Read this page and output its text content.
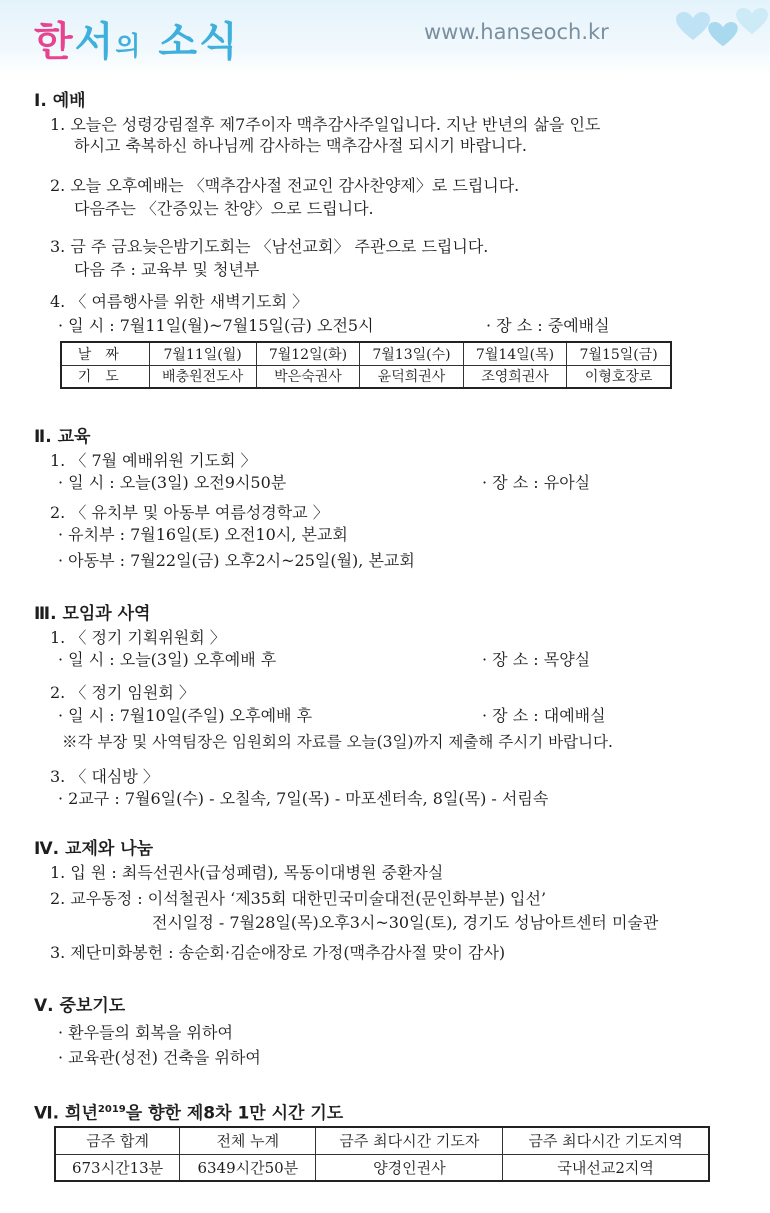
한서의 소식	www.hanseoch.kr
Ⅰ. 예배
1. 오늘은 성령강림절후 제7주이자 맥추감사주일입니다. 지난 반년의 삶을 인도
하시고 축복하신 하나님께 감사하는 맥추감사절 되시기 바랍니다.
2. 오늘 오후예배는 〈맥추감사절 전교인 감사찬양제〉로 드립니다.
다음주는 〈간증있는 찬양〉으로 드립니다.
3. 금 주 금요늦은밤기도회는 〈남선교회〉 주관으로 드립니다.
다음 주 : 교육부 및 청년부
4. 〈 여름행사를 위한 새벽기도회 〉
· 일 시 : 7월11일(월)~7월15일(금) 오전5시	· 장 소 : 중예배실
날짜	7월11일(월)	7월12일(화)	7월13일(수)	7월14일(목)	7월15일(금)
기도	배충원전도사	박은숙권사	윤덕희권사	조영희권사	이형호장로
Ⅱ. 교육
1. 〈 7월 예배위원 기도회 〉
· 일 시 : 오늘(3일) 오전9시50분	· 장 소 : 유아실
2. 〈 유치부 및 아동부 여름성경학교 〉
· 유치부 : 7월16일(토) 오전10시, 본교회
· 아동부 : 7월22일(금) 오후2시~25일(월), 본교회
Ⅲ. 모임과 사역
1. 〈 정기 기획위원회 〉
· 일 시 : 오늘(3일) 오후예배 후	· 장 소 : 목양실
2. 〈 정기 임원회 〉
· 일 시 : 7월10일(주일) 오후예배 후	· 장 소 : 대예배실
※각 부장 및 사역팀장은 임원회의 자료를 오늘(3일)까지 제출해 주시기 바랍니다.
3. 〈 대심방 〉
· 2교구 : 7월6일(수) - 오칠속, 7일(목) - 마포센터속, 8일(목) - 서림속
Ⅳ. 교제와 나눔
1. 입 원 : 최득선권사(급성폐렴), 목동이대병원 중환자실
2. 교우동정 : 이석철권사 ‘제35회 대한민국미술대전(문인화부분) 입선’
전시일정 - 7월28일(목)오후3시~30일(토), 경기도 성남아트센터 미술관
3. 제단미화봉헌 : 송순회·김순애장로 가정(맥추감사절 맞이 감사)
Ⅴ. 중보기도
· 환우들의 회복을 위하여
· 교육관(성전) 건축을 위하여
Ⅵ. 희년$^{2019}$을 향한 제8차 1만 시간 기도
금주 합계	전체 누계	금주 최다시간 기도자	금주 최다시간 기도지역
673시간13분	6349시간50분	양경인권사	국내선교2지역
